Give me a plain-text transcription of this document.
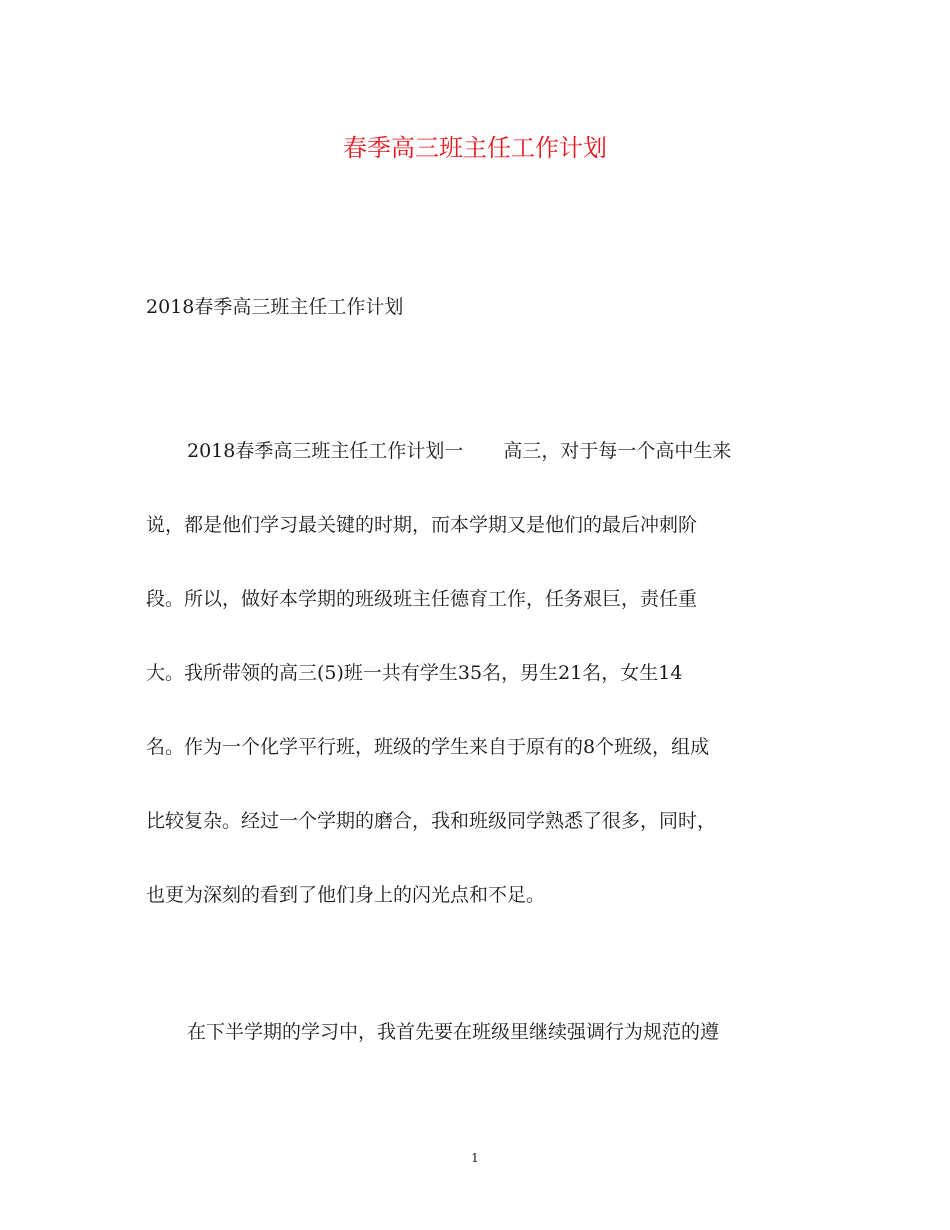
春季高三班主任工作计划

2018春季高三班主任工作计划

2018春季高三班主任工作计划一 高三，对于每一个高中生来
说，都是他们学习最关键的时期，而本学期又是他们的最后冲刺阶
段。所以，做好本学期的班级班主任德育工作，任务艰巨，责任重
大。我所带领的高三(5)班一共有学生35名，男生21名，女生14
名。作为一个化学平行班，班级的学生来自于原有的8个班级，组成
比较复杂。经过一个学期的磨合，我和班级同学熟悉了很多，同时，
也更为深刻的看到了他们身上的闪光点和不足。
在下半学期的学习中，我首先要在班级里继续强调行为规范的遵
1
